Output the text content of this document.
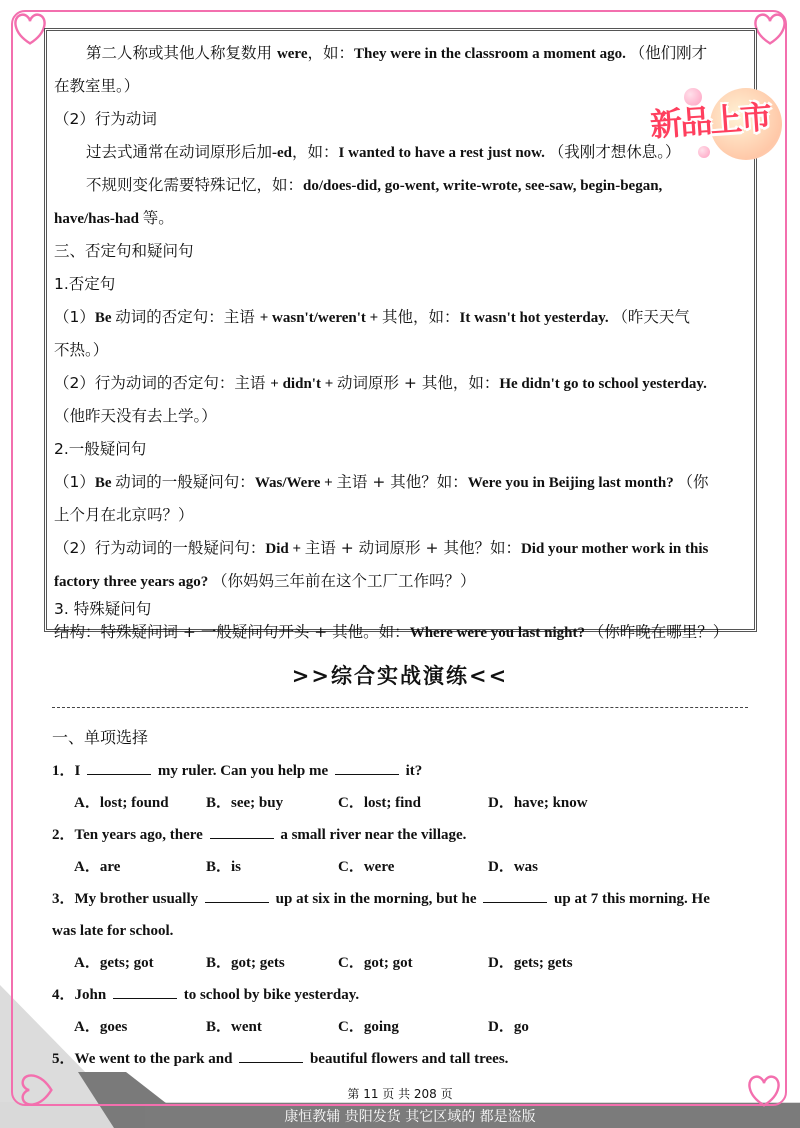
第二人称或其他人称复数用 were，如：They were in the classroom a moment ago. （他们刚才
在教室里。）
（2）行为动词
过去式通常在动词原形后加-ed，如：I wanted to have a rest just now. （我刚才想休息。）
不规则变化需要特殊记忆，如：do/does-did, go-went, write-wrote, see-saw, begin-began,
have/has-had 等。
三、否定句和疑问句
1.否定句
（1）Be 动词的否定句：主语 + wasn't/weren't + 其他，如：It wasn't hot yesterday. （昨天天气
不热。）
（2）行为动词的否定句：主语 + didn't + 动词原形 + 其他，如：He didn't go to school yesterday.
（他昨天没有去上学。）
2.一般疑问句
（1）Be 动词的一般疑问句：Was/Were + 主语 + 其他？如：Were you in Beijing last month? （你
上个月在北京吗？）
（2）行为动词的一般疑问句：Did + 主语 + 动词原形 + 其他？如：Did your mother work in this
factory three years ago? （你妈妈三年前在这个工厂工作吗？）
3. 特殊疑问句
结构：特殊疑问词 + 一般疑问句开头 + 其他。如：Where were you last night? （你昨晚在哪里？）
新品上市
>>综合实战演练<<
一、单项选择
1．I	my ruler. Can you help me	it?
A．lost; found	B．see; buy	C．lost; find	D．have; know
2．Ten years ago, there	a small river near the village.
A．are	B．is	C．were	D．was
3．My brother usually	up at six in the morning, but he	up at 7 this morning. He
was late for school.
A．gets; got	B．got; gets	C．got; got	D．gets; gets
4．John	to school by bike yesterday.
A．goes	B．went	C．going	D．go
5．We went to the park and	beautiful flowers and tall trees.
第 11 页 共 208 页
康恒教辅 贵阳发货 其它区域的 都是盗版
